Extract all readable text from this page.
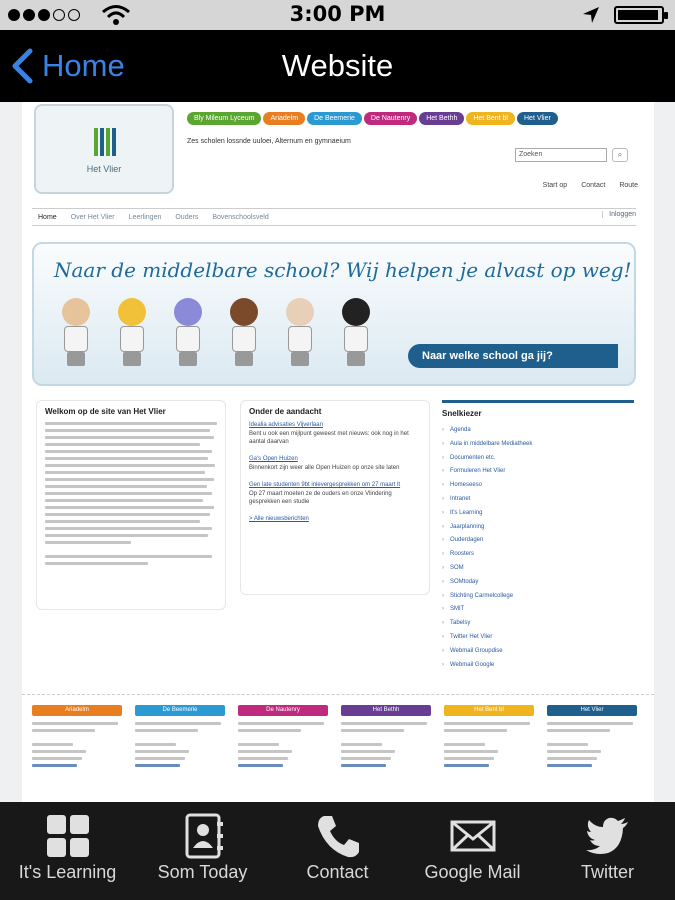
3:00 PM
Home	Website
Het Vlier
Bly Mileum Lyceum	Ariadelm	De Beemerie	De Nautenry	Het Bethh	Het Bent bl	Het Vlier
Zes scholen lossnde uuloei, Alternum en gymnaeium
Zoeken	⌕
Start op Contact Route
Home Over Het Vlier Leerlingen Ouders Bovenschoolsveld	Inloggen
Naar de middelbare school? Wij helpen je alvast op weg!
Naar welke school ga jij?
Welkom op de site van Het Vlier	Onder de aandacht
Idealia advisaties Vijverlaan
Bent u ook een mijlpunt geweest met nieuws: ook nog in het aantal daarvan
Ga's Open Huizen
Binnenkort zijn weer alle Open Huizen op onze site laten
Gen late studenten 9bt inlevergesprekken om 27 maart lt
Op 27 maart moeten ze de ouders en onze Vlindering gesprekken een studie
> Alle nieuwsberichten
Snelkiezer
› Agenda
› Aula in middelbare Mediatheek
› Documenten etc.
› Formuleren Het Vlier
› Homeseeso
› Intranet
› It's Learning
› Jaarplanning
› Ouderdagen
› Roosters
› SOM
› SOMtoday
› Stichting Carmelcollege
› SMIT
› Tabelsy
› Twitter Het Vlier
› Webmail Groupdise
› Webmail Google
Ariadelm	De Beemerie	De Nautenry	Het Bethh	Het Bent bl	Het Vlier
It's Learning	Som Today	Contact	Google Mail	Twitter
